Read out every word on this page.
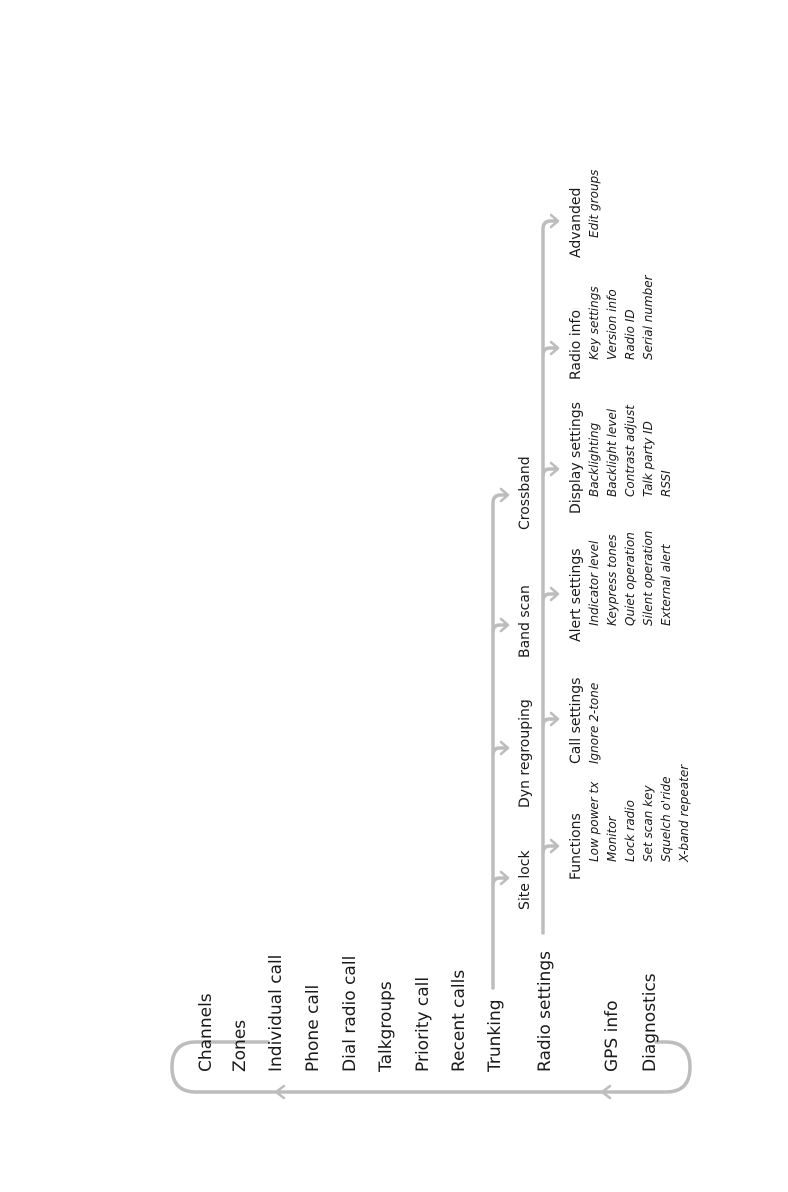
Channels Zones Individual call Phone call Dial radio call Talkgroups Priority call Recent calls Trunking Radio settings	GPS info Diagnostics
Site lock
Dyn regrouping
Band scan
Crossband
Functions Low power tx Monitor Lock radio Set scan key Squelch o'ride X-band repeater
Call settings Ignore 2-tone
Alert settings Indicator level Keypress tones Quiet operation Silent operation External alert
Display settings Backlighting Backlight level Contrast adjust Talk party ID RSSI
Radio info Key settings Version info Radio ID Serial number
Advanded Edit groups
